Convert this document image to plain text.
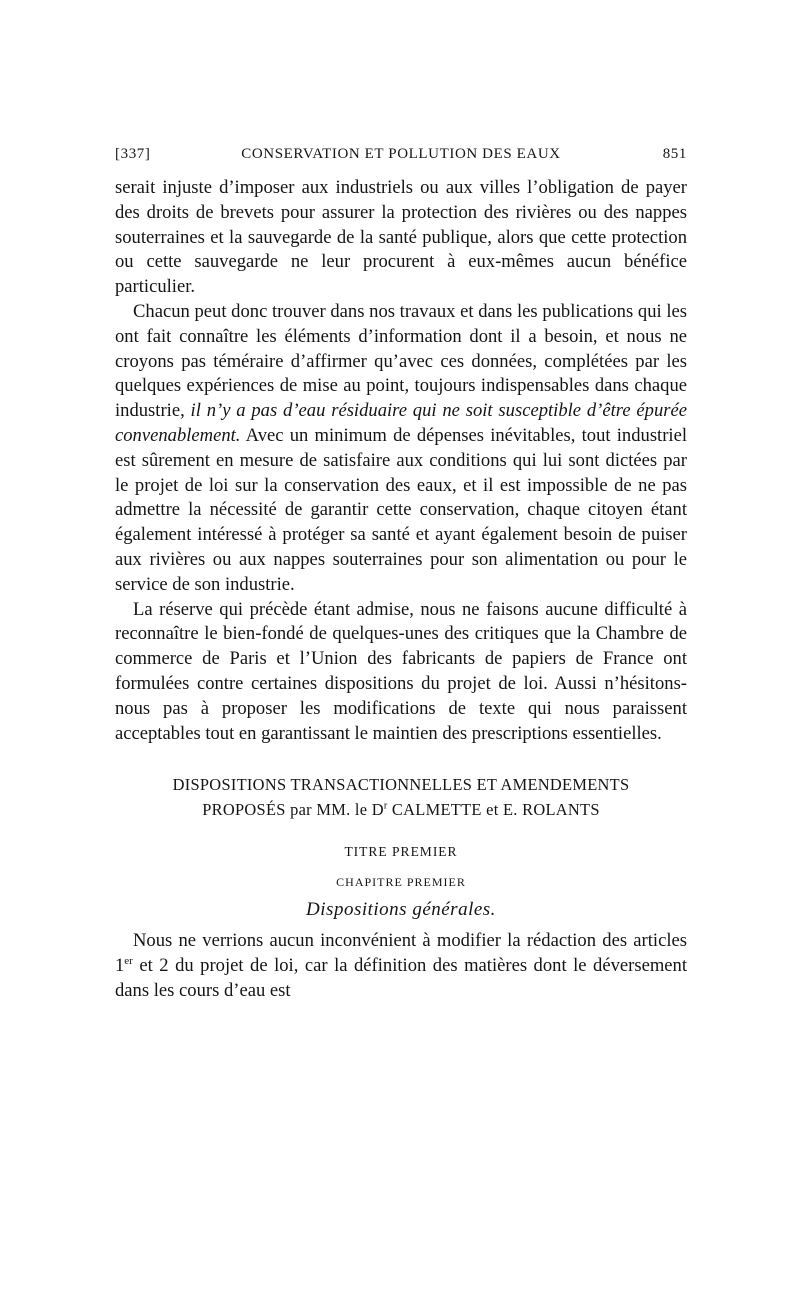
[337]	CONSERVATION ET POLLUTION DES EAUX	851

serait injuste d’imposer aux industriels ou aux villes l’obligation de payer des droits de brevets pour assurer la protection des rivières ou des nappes souterraines et la sauvegarde de la santé publique, alors que cette protection ou cette sauvegarde ne leur procurent à eux-mêmes aucun bénéfice particulier.

Chacun peut donc trouver dans nos travaux et dans les publications qui les ont fait connaître les éléments d’information dont il a besoin, et nous ne croyons pas téméraire d’affirmer qu’avec ces données, complétées par les quelques expériences de mise au point, toujours indispensables dans chaque industrie, il n’y a pas d’eau résiduaire qui ne soit susceptible d’être épurée convenablement. Avec un minimum de dépenses inévitables, tout industriel est sûrement en mesure de satisfaire aux conditions qui lui sont dictées par le projet de loi sur la conservation des eaux, et il est impossible de ne pas admettre la nécessité de garantir cette conservation, chaque citoyen étant également intéressé à protéger sa santé et ayant également besoin de puiser aux rivières ou aux nappes souterraines pour son alimentation ou pour le service de son industrie.

La réserve qui précède étant admise, nous ne faisons aucune difficulté à reconnaître le bien-fondé de quelques-unes des critiques que la Chambre de commerce de Paris et l’Union des fabricants de papiers de France ont formulées contre certaines dispositions du projet de loi. Aussi n’hésitons-nous pas à proposer les modifications de texte qui nous paraissent acceptables tout en garantissant le maintien des prescriptions essentielles.

DISPOSITIONS TRANSACTIONNELLES ET AMENDEMENTS
PROPOSÉS par MM. le $D^r$ CALMETTE et E. ROLANTS
TITRE PREMIER
CHAPITRE PREMIER
Dispositions générales.

Nous ne verrions aucun inconvénient à modifier la rédaction des articles 1er et 2 du projet de loi, car la définition des matières dont le déversement dans les cours d’eau est
